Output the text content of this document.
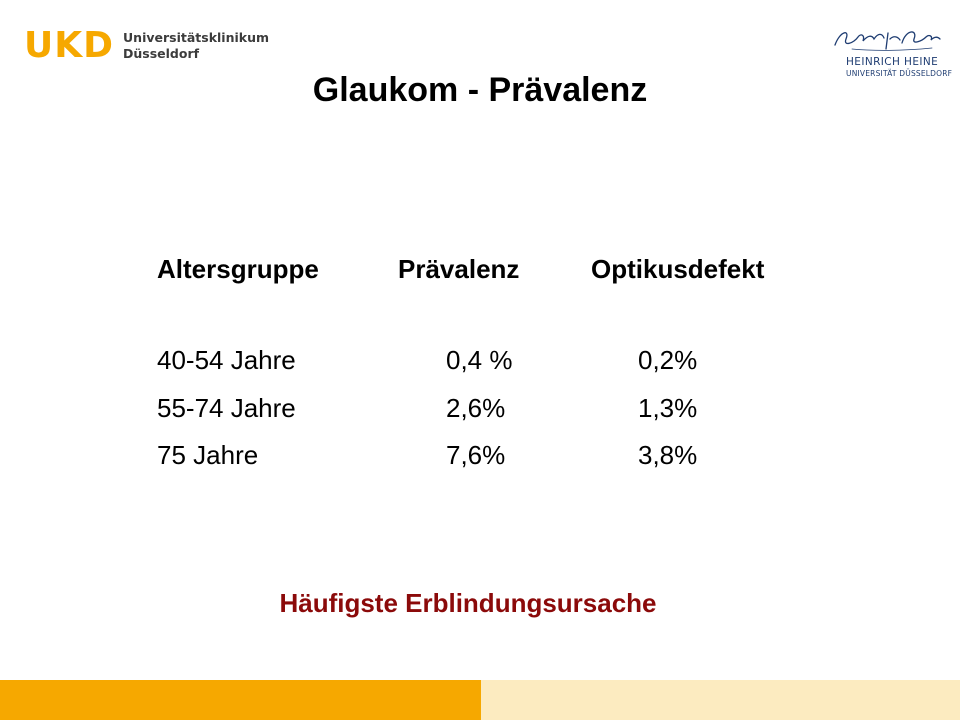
UKD Universitätsklinikum
Düsseldorf
HEINRICH HEINE
UNIVERSITÄT DÜSSELDORF
Glaukom - Prävalenz
Altersgruppe	Prävalenz	Optikusdefekt
40-54 Jahre	0,4 %	0,2%
55-74 Jahre	2,6%	1,3%
75 Jahre	7,6%	3,8%
Häufigste Erblindungsursache
